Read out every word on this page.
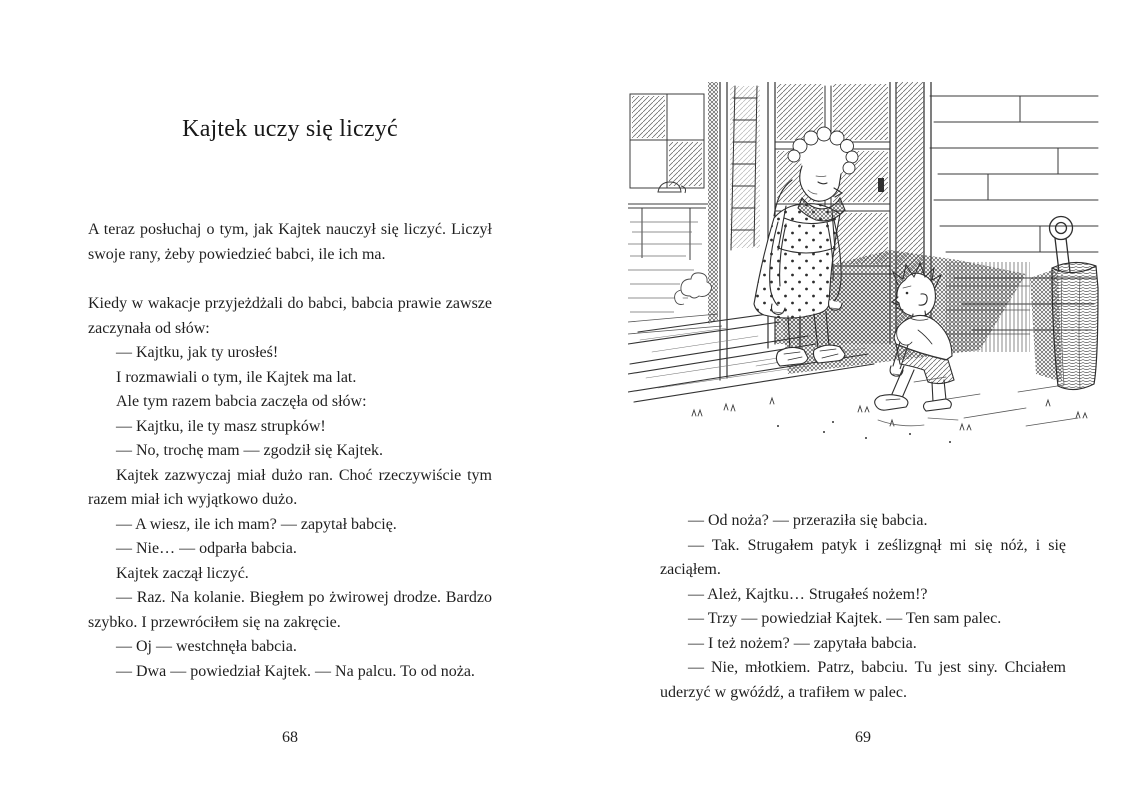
Kajtek uczy się liczyć

A teraz posłuchaj o tym, jak Kajtek nauczył się liczyć. Liczył swoje rany, żeby powiedzieć babci, ile ich ma.

Kiedy w wakacje przyjeżdżali do babci, babcia prawie zawsze zaczynała od słów:

— Kajtku, jak ty urosłeś!

I rozmawiali o tym, ile Kajtek ma lat.

Ale tym razem babcia zaczęła od słów:

— Kajtku, ile ty masz strupków!

— No, trochę mam — zgodził się Kajtek.

Kajtek zazwyczaj miał dużo ran. Choć rzeczywiście tym razem miał ich wyjątkowo dużo.

— A wiesz, ile ich mam? — zapytał babcię.

— Nie… — odparła babcia.

Kajtek zaczął liczyć.

— Raz. Na kolanie. Biegłem po żwirowej drodze. Bardzo szybko. I przewróciłem się na zakręcie.

— Oj — westchnęła babcia.

— Dwa — powiedział Kajtek. — Na palcu. To od noża.

68

— Od noża? — przeraziła się babcia.

— Tak. Strugałem patyk i ześlizgnął mi się nóż, i się zaciąłem.

— Ależ, Kajtku… Strugałeś nożem!?

— Trzy — powiedział Kajtek. — Ten sam palec.

— I też nożem? — zapytała babcia.

— Nie, młotkiem. Patrz, babciu. Tu jest siny. Chciałem uderzyć w gwóźdź, a trafiłem w palec.

69
